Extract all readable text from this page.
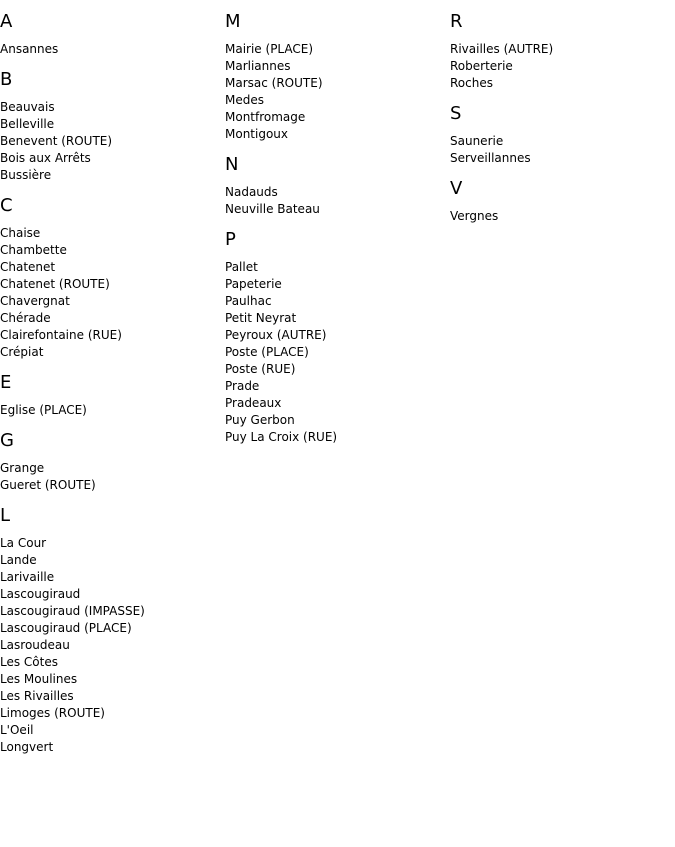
A
Ansannes
B
Beauvais
Belleville
Benevent (ROUTE)
Bois aux Arrêts
Bussière
C
Chaise
Chambette
Chatenet
Chatenet (ROUTE)
Chavergnat
Chérade
Clairefontaine (RUE)
Crépiat
E
Eglise (PLACE)
G
Grange
Gueret (ROUTE)
L
La Cour
Lande
Larivaille
Lascougiraud
Lascougiraud (IMPASSE)
Lascougiraud (PLACE)
Lasroudeau
Les Côtes
Les Moulines
Les Rivailles
Limoges (ROUTE)
L'Oeil
Longvert
M
Mairie (PLACE)
Marliannes
Marsac (ROUTE)
Medes
Montfromage
Montigoux
N
Nadauds
Neuville Bateau
P
Pallet
Papeterie
Paulhac
Petit Neyrat
Peyroux (AUTRE)
Poste (PLACE)
Poste (RUE)
Prade
Pradeaux
Puy Gerbon
Puy La Croix (RUE)
R
Rivailles (AUTRE)
Roberterie
Roches
S
Saunerie
Serveillannes
V
Vergnes
